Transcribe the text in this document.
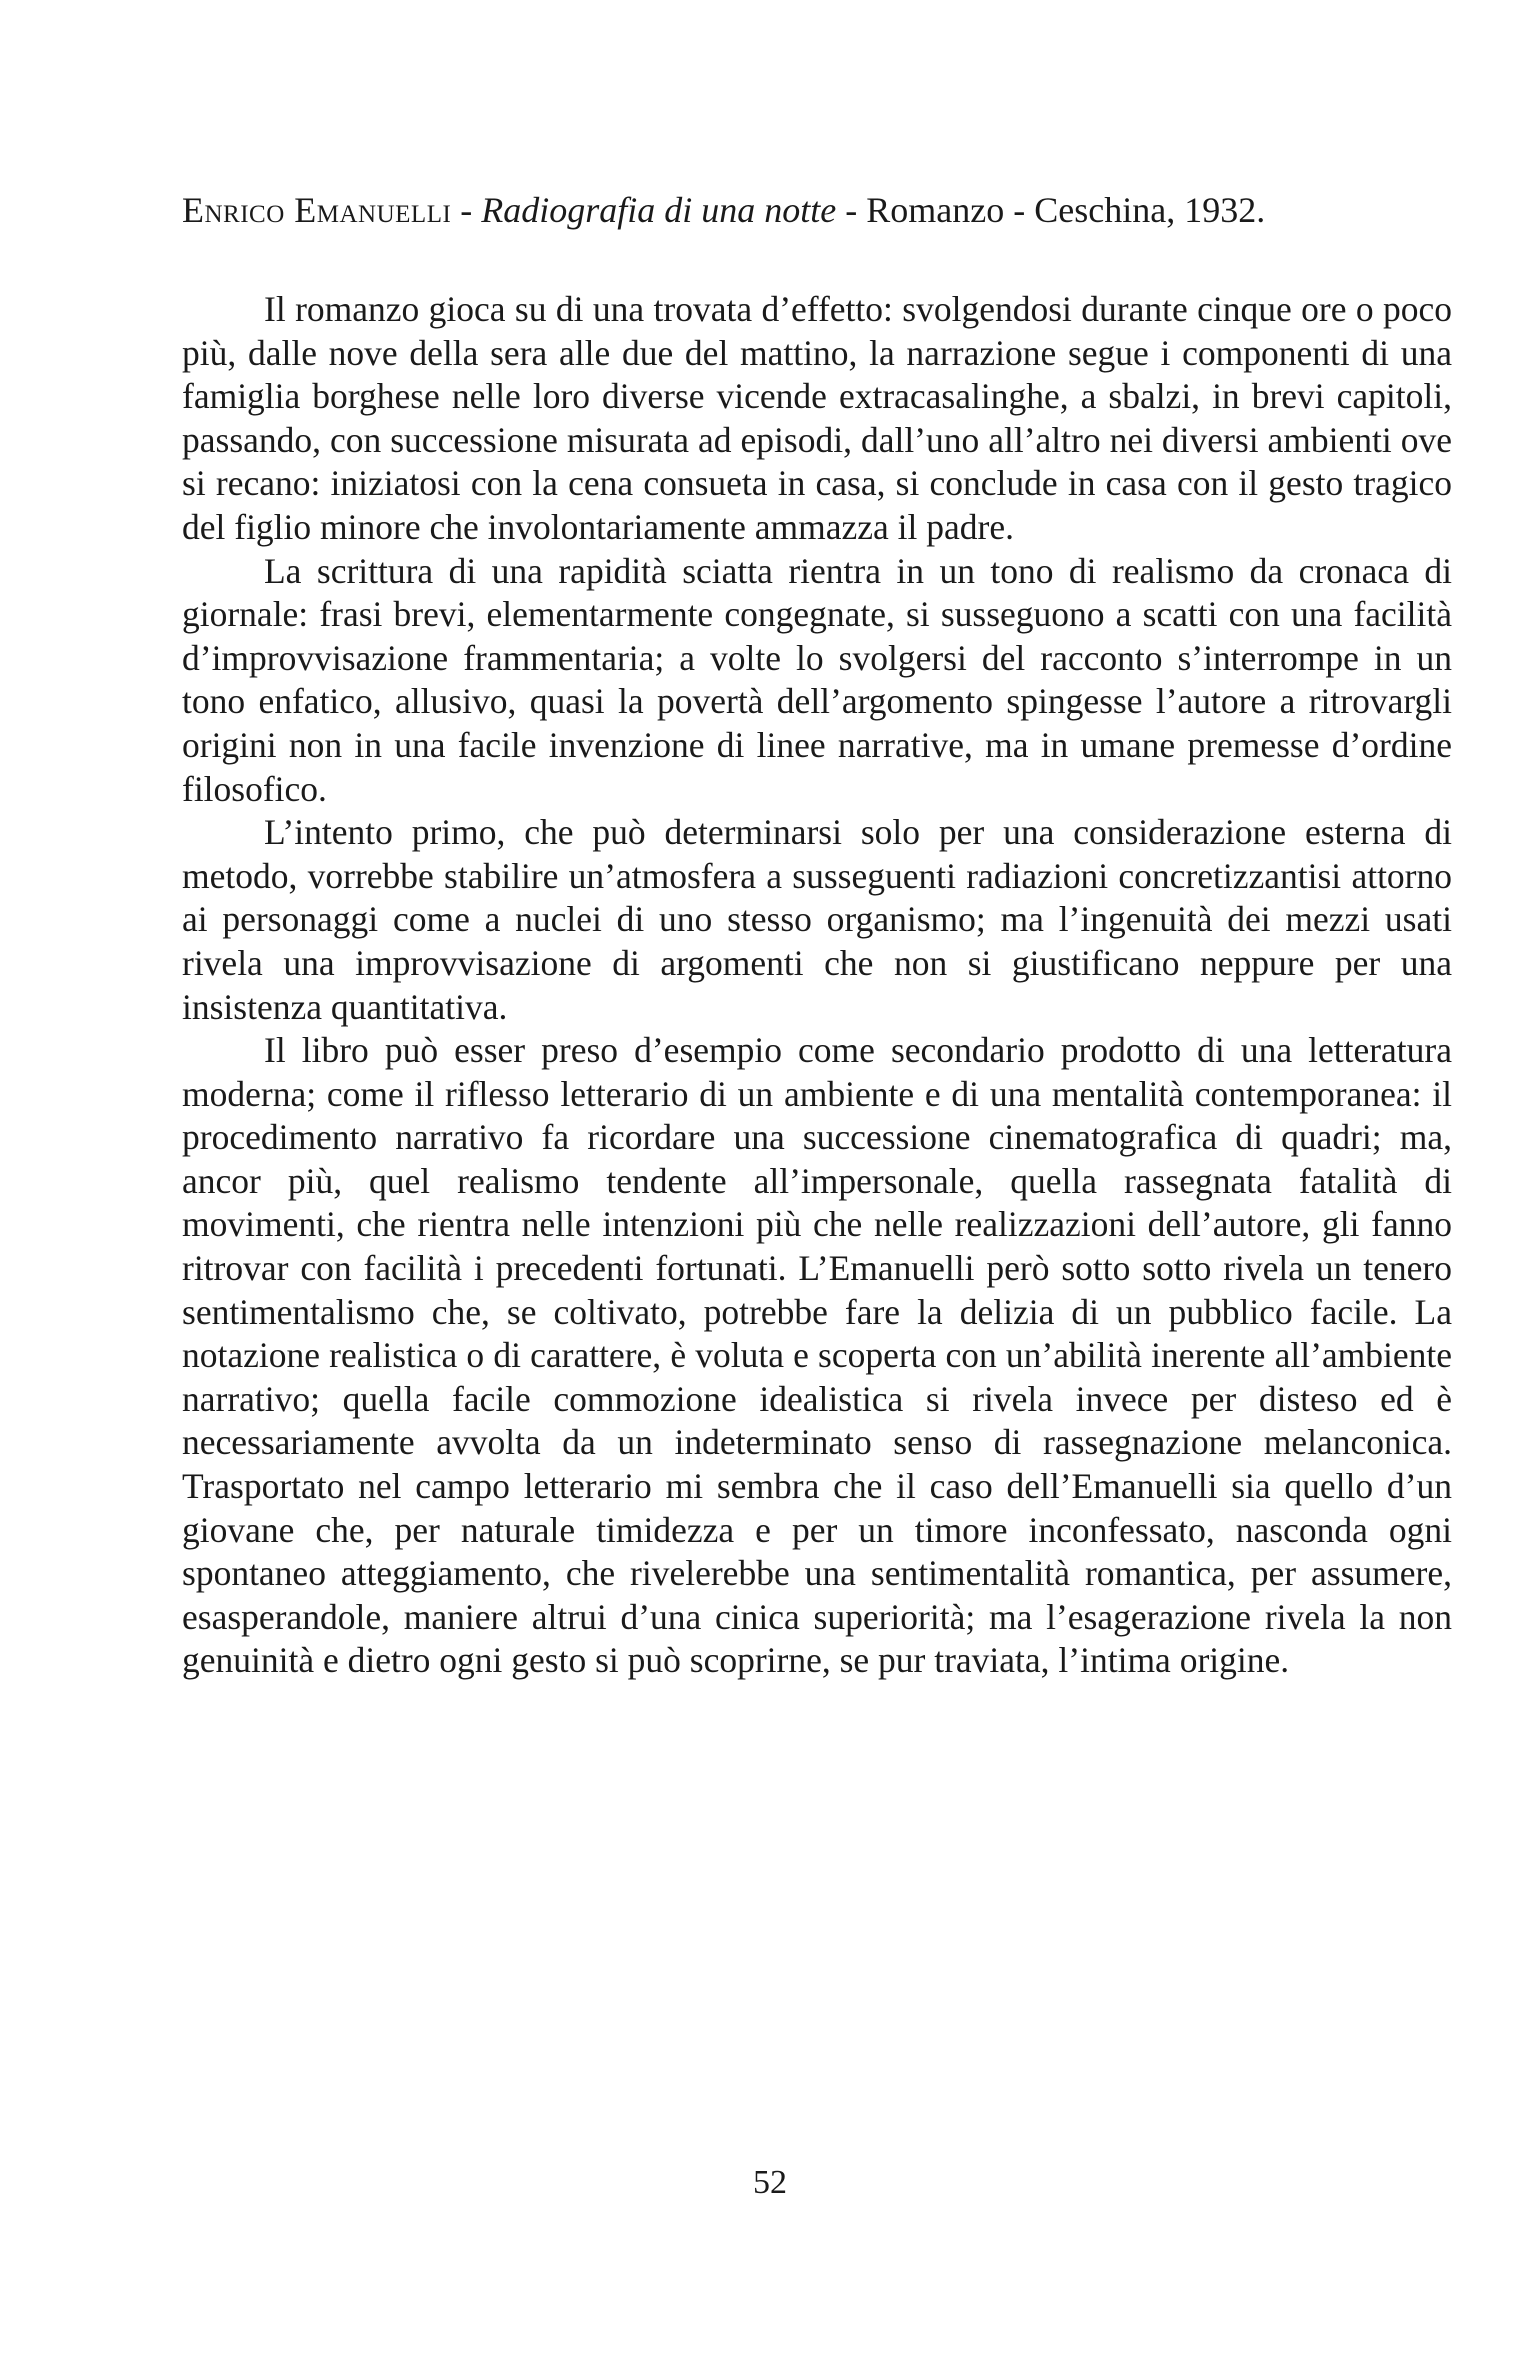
Enrico Emanuelli - Radiografia di una notte - Romanzo - Ceschina, 1932.

Il romanzo gioca su di una trovata d’effetto: svolgendosi durante cinque ore o poco più, dalle nove della sera alle due del mattino, la narrazione segue i componenti di una famiglia borghese nelle loro diverse vicende extracasalinghe, a sbalzi, in brevi capitoli, passando, con successione misurata ad episodi, dall’uno all’altro nei diversi ambienti ove si recano: iniziatosi con la cena consueta in casa, si conclude in casa con il gesto tragico del figlio minore che involontariamente ammazza il padre.

La scrittura di una rapidità sciatta rientra in un tono di realismo da cronaca di giornale: frasi brevi, elementarmente congegnate, si susseguono a scatti con una facilità d’improvvisazione frammentaria; a volte lo svolgersi del racconto s’interrompe in un tono enfatico, allusivo, quasi la povertà dell’argomento spingesse l’autore a ritrovargli origini non in una facile invenzione di linee narrative, ma in umane premesse d’ordine filosofico.

L’intento primo, che può determinarsi solo per una considerazione esterna di metodo, vorrebbe stabilire un’atmosfera a susseguenti radiazioni concretizzantisi attorno ai personaggi come a nuclei di uno stesso organismo; ma l’ingenuità dei mezzi usati rivela una improvvisazione di argomenti che non si giustificano neppure per una insistenza quantitativa.

Il libro può esser preso d’esempio come secondario prodotto di una letteratura moderna; come il riflesso letterario di un ambiente e di una mentalità contemporanea: il procedimento narrativo fa ricordare una successione cinematografica di quadri; ma, ancor più, quel realismo tendente all’impersonale, quella rassegnata fatalità di movimenti, che rientra nelle intenzioni più che nelle realizzazioni dell’autore, gli fanno ritrovar con facilità i precedenti fortunati. L’Emanuelli però sotto sotto rivela un tenero sentimentalismo che, se coltivato, potrebbe fare la delizia di un pubblico facile. La notazione realistica o di carattere, è voluta e scoperta con un’abilità inerente all’ambiente narrativo; quella facile commozione idealistica si rivela invece per disteso ed è necessariamente avvolta da un indeterminato senso di rassegnazione melanconica. Trasportato nel campo letterario mi sembra che il caso dell’Emanuelli sia quello d’un giovane che, per naturale timidezza e per un timore inconfessato, nasconda ogni spontaneo atteggiamento, che rivelerebbe una sentimentalità romantica, per assumere, esasperandole, maniere altrui d’una cinica superiorità; ma l’esagerazione rivela la non genuinità e dietro ogni gesto si può scoprirne, se pur traviata, l’intima origine.

52
